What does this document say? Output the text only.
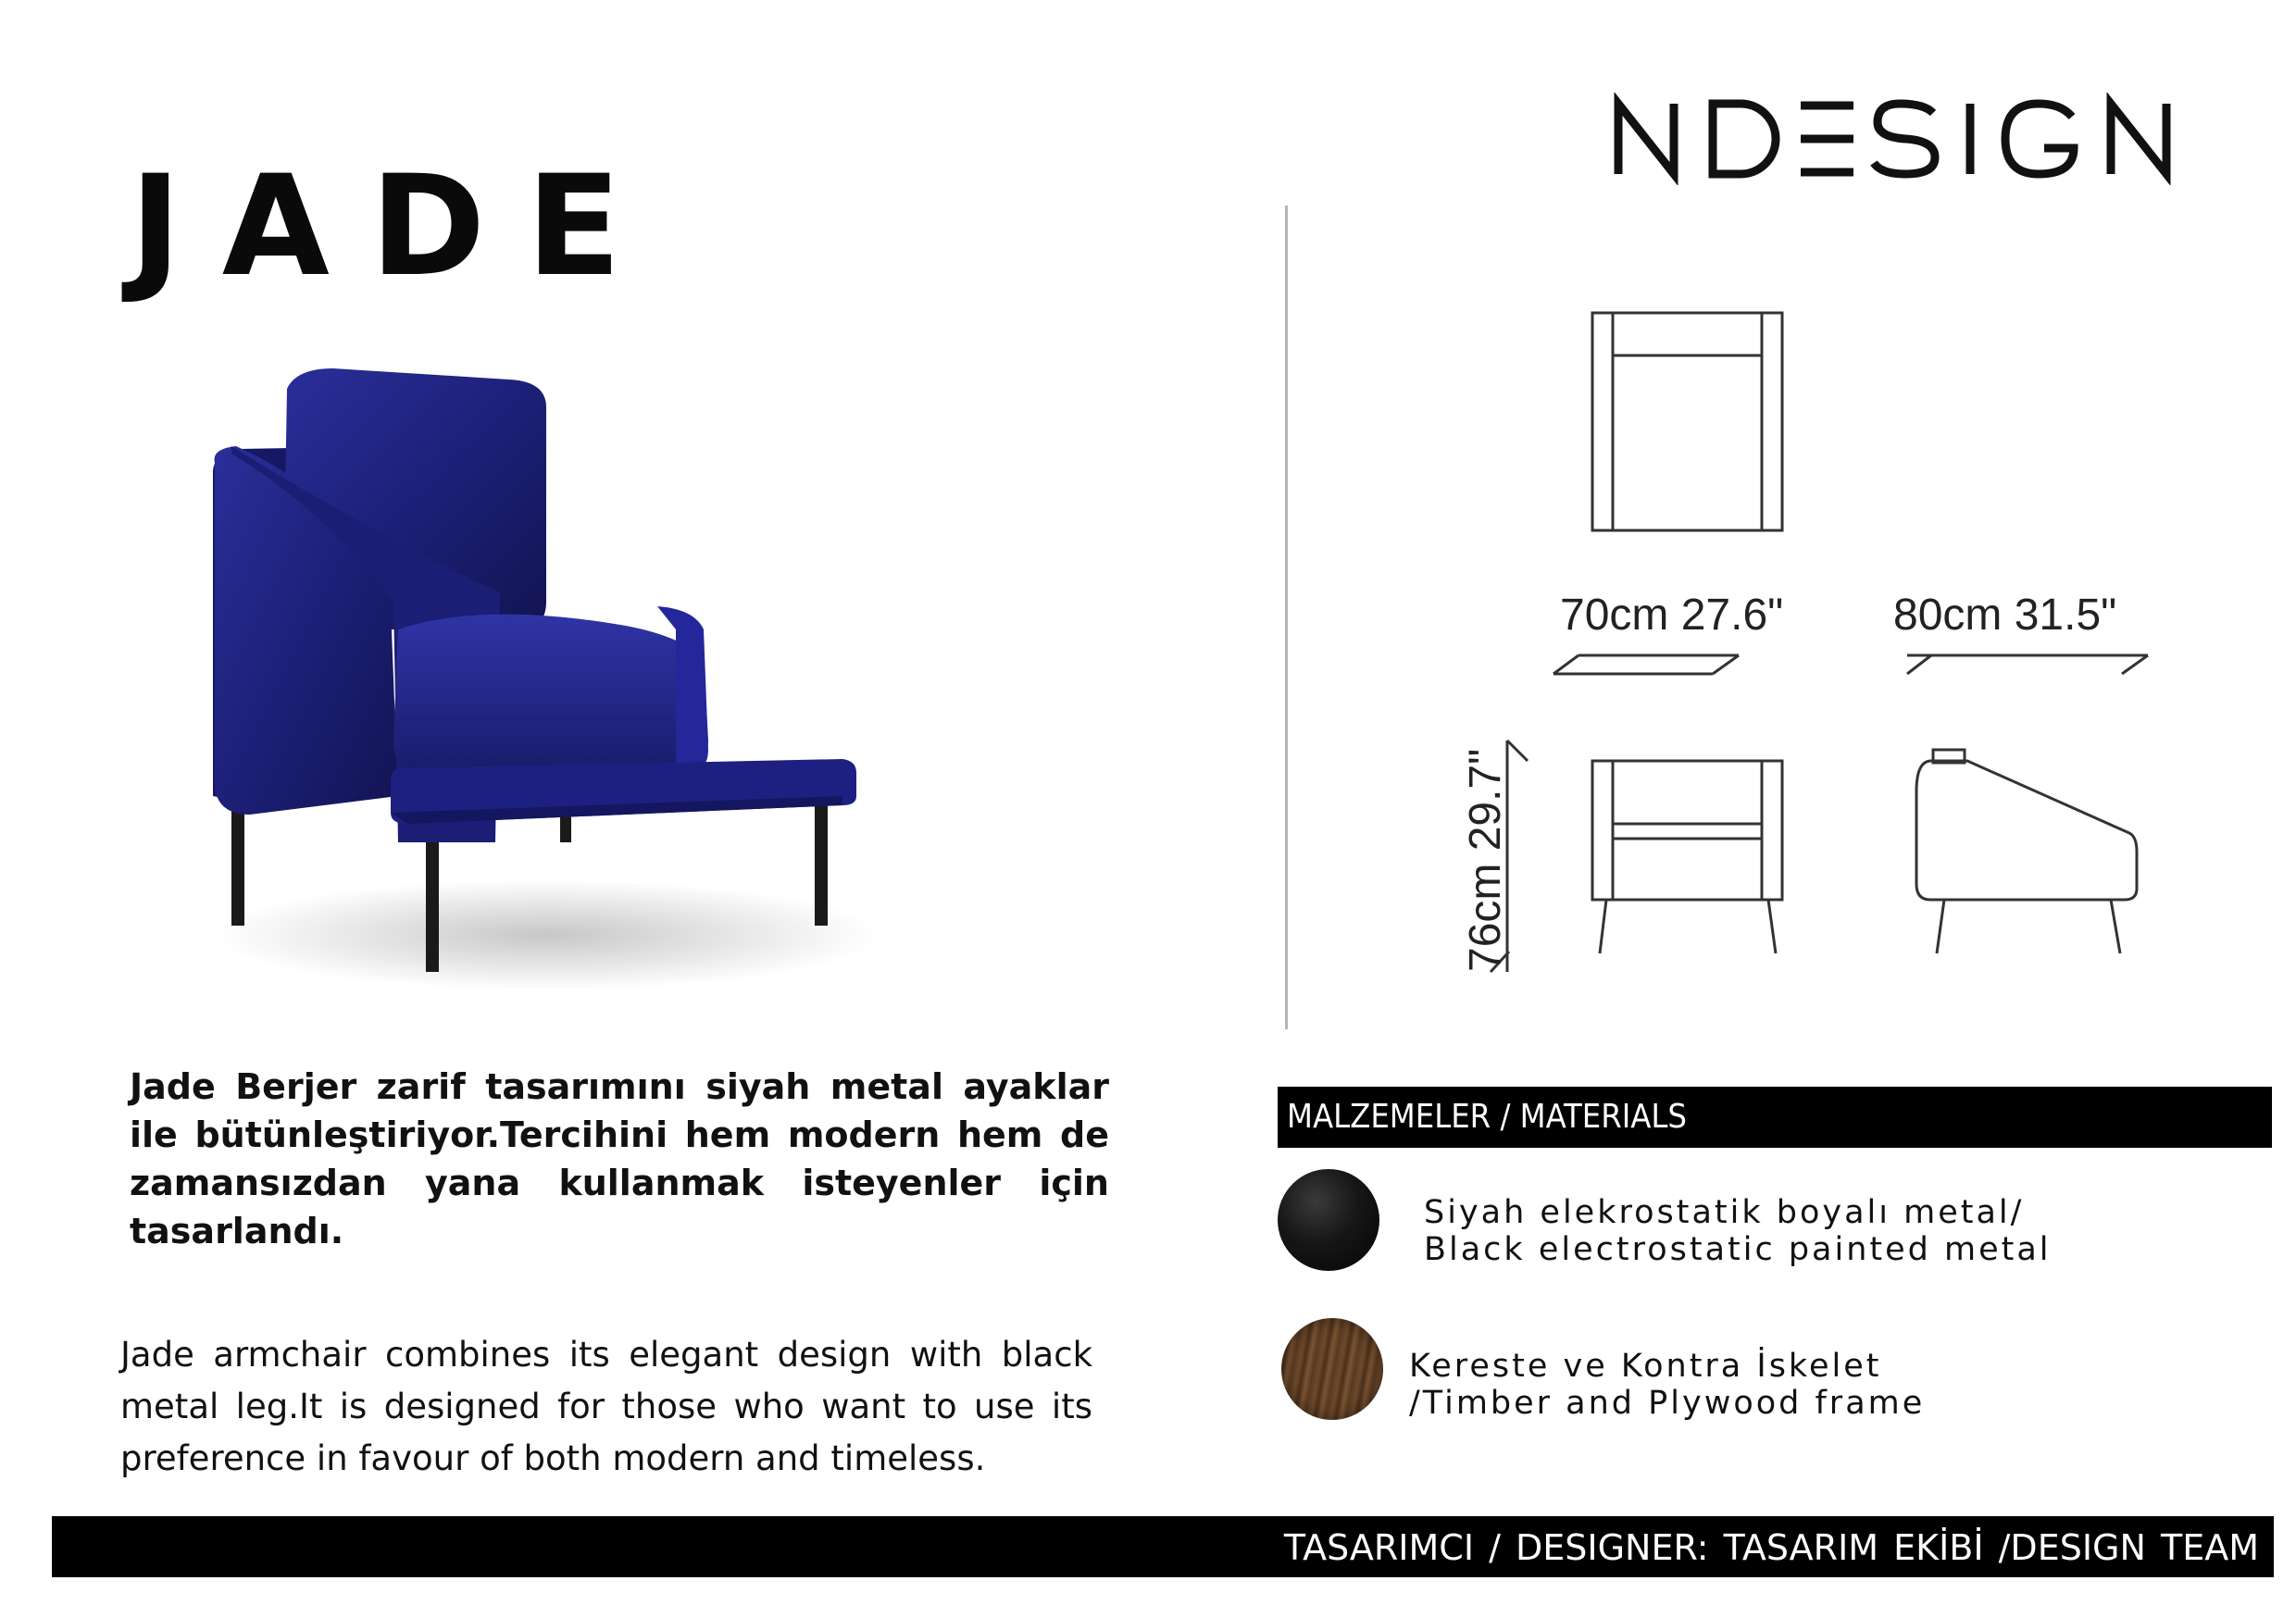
JADE
70cm 27.6" 80cm 31.5"
76cm 29.7"
Jade Berjer zarif tasarımını siyah metal ayaklar ile bütünleştiriyor.Tercihini hem modern hem de zamansızdan yana kullanmak isteyenler için tasarlandı.
Jade armchair combines its elegant design with black metal leg.It is designed for those who want to use its preference in favour of both modern and timeless.
MALZEMELER / MATERIALS
Siyah elekrostatik boyalı metal/
Black electrostatic painted metal
Kereste ve Kontra İskelet
/Timber and Plywood frame
TASARIMCI / DESIGNER: TASARIM EKİBİ /DESIGN TEAM
